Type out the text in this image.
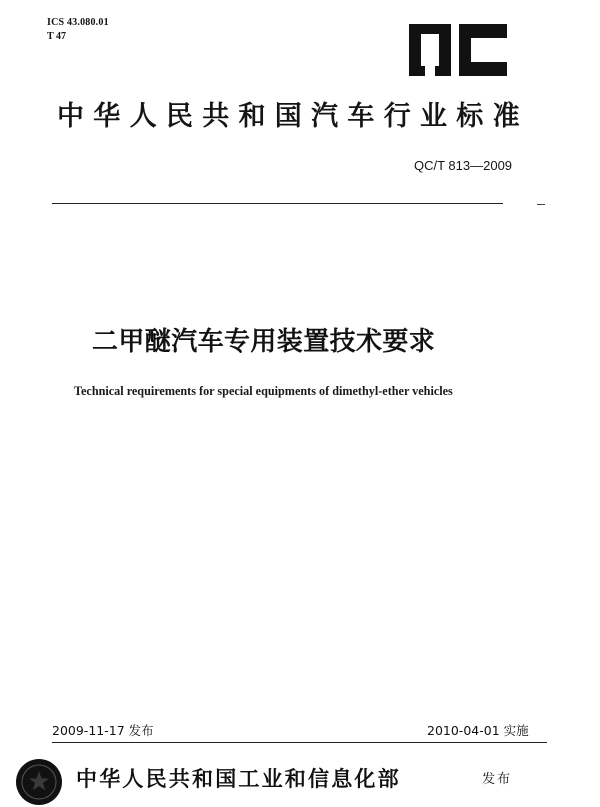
ICS 43.080.01
T 47
中华人民共和国汽车行业标准
QC/T 813—2009
二甲醚汽车专用装置技术要求
Technical requirements for special equipments of dimethyl-ether vehicles
2009-11-17 发布	2010-04-01 实施
中华人民共和国工业和信息化部	发布
